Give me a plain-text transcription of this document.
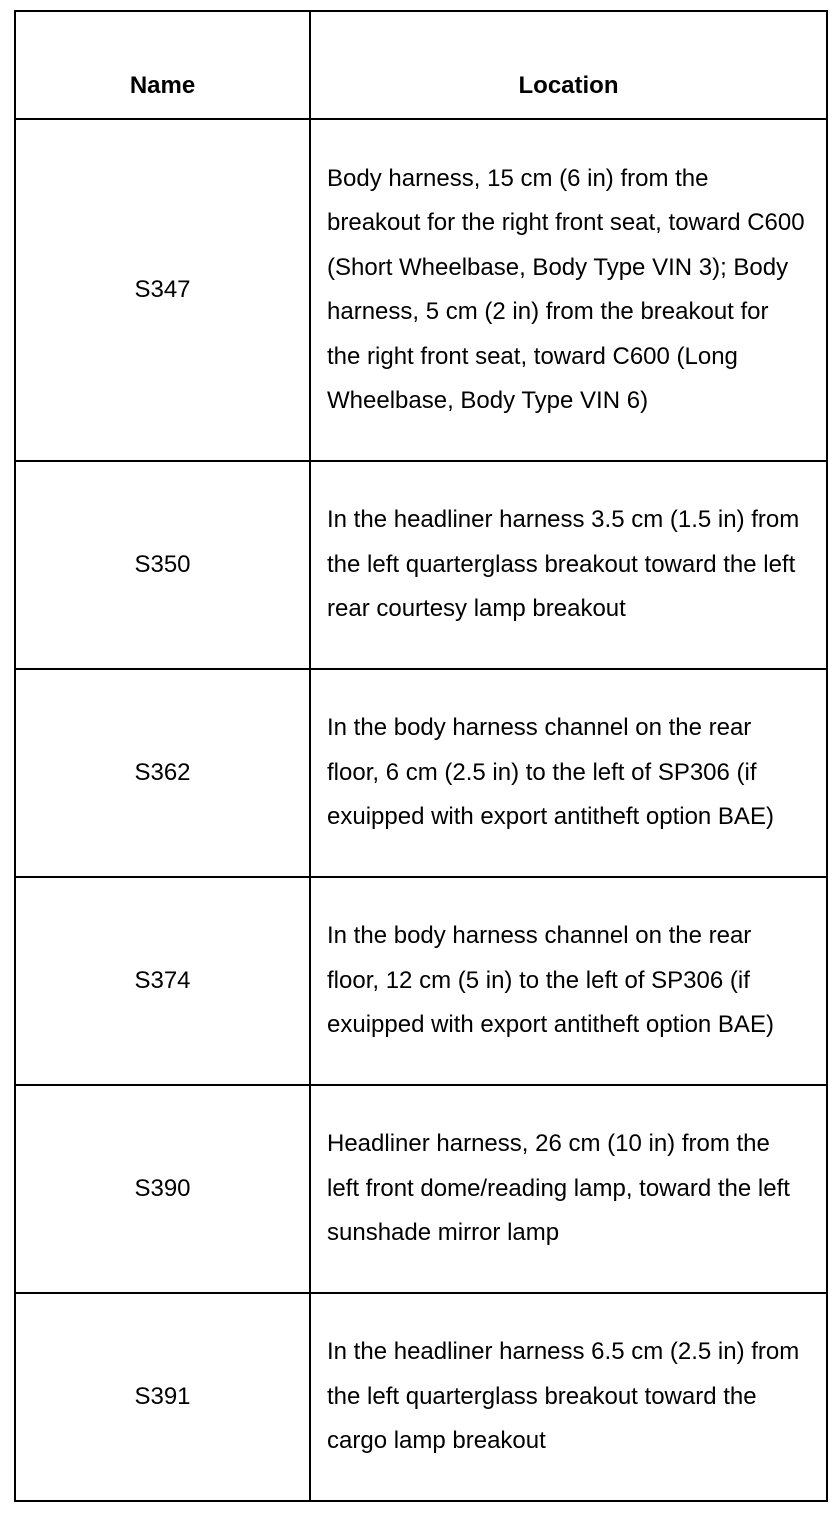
Name	Location
S347	Body harness, 15 cm (6 in) from the breakout for the right front seat, toward C600 (Short Wheelbase, Body Type VIN 3); Body harness, 5 cm (2 in) from the breakout for the right front seat, toward C600 (Long Wheelbase, Body Type VIN 6)
S350	In the headliner harness 3.5 cm (1.5 in) from the left quarterglass breakout toward the left rear courtesy lamp breakout
S362	In the body harness channel on the rear floor, 6 cm (2.5 in) to the left of SP306 (if exuipped with export antitheft option BAE)
S374	In the body harness channel on the rear floor, 12 cm (5 in) to the left of SP306 (if exuipped with export antitheft option BAE)
S390	Headliner harness, 26 cm (10 in) from the left front dome/reading lamp, toward the left sunshade mirror lamp
S391	In the headliner harness 6.5 cm (2.5 in) from the left quarterglass breakout toward the cargo lamp breakout
